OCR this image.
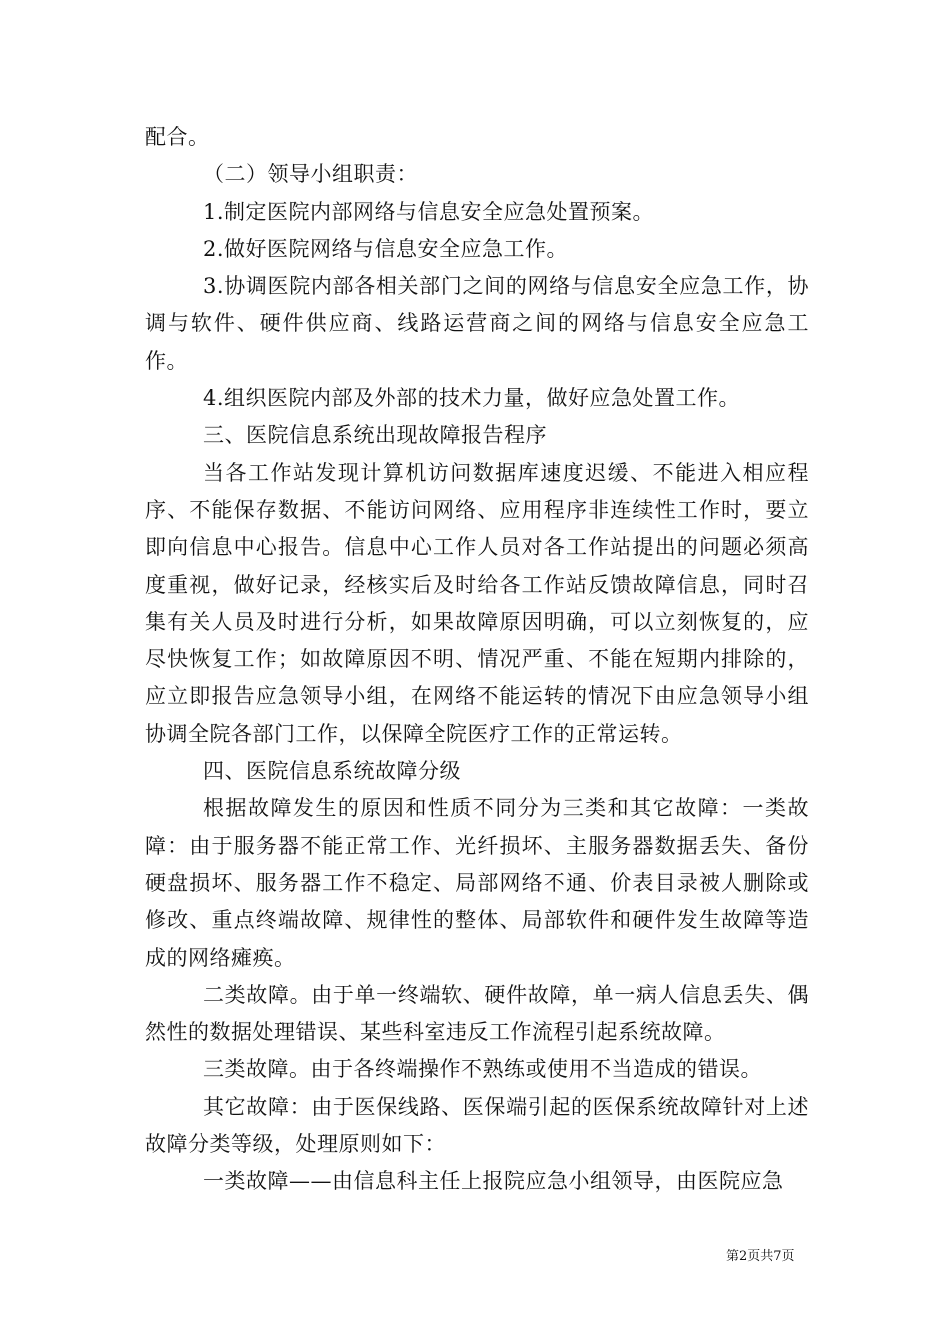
配合。

（二）领导小组职责：

1.制定医院内部网络与信息安全应急处置预案。

2.做好医院网络与信息安全应急工作。

3.协调医院内部各相关部门之间的网络与信息安全应急工作，协调与软件、硬件供应商、线路运营商之间的网络与信息安全应急工作。

4.组织医院内部及外部的技术力量，做好应急处置工作。

三、医院信息系统出现故障报告程序

当各工作站发现计算机访问数据库速度迟缓、不能进入相应程序、不能保存数据、不能访问网络、应用程序非连续性工作时，要立即向信息中心报告。信息中心工作人员对各工作站提出的问题必须高度重视，做好记录，经核实后及时给各工作站反馈故障信息，同时召集有关人员及时进行分析，如果故障原因明确，可以立刻恢复的，应尽快恢复工作；如故障原因不明、情况严重、不能在短期内排除的，应立即报告应急领导小组，在网络不能运转的情况下由应急领导小组协调全院各部门工作，以保障全院医疗工作的正常运转。

四、医院信息系统故障分级

根据故障发生的原因和性质不同分为三类和其它故障：一类故障：由于服务器不能正常工作、光纤损坏、主服务器数据丢失、备份硬盘损坏、服务器工作不稳定、局部网络不通、价表目录被人删除或修改、重点终端故障、规律性的整体、局部软件和硬件发生故障等造成的网络瘫痪。

二类故障。由于单一终端软、硬件故障，单一病人信息丢失、偶然性的数据处理错误、某些科室违反工作流程引起系统故障。

三类故障。由于各终端操作不熟练或使用不当造成的错误。

其它故障：由于医保线路、医保端引起的医保系统故障针对上述故障分类等级，处理原则如下：

一类故障——由信息科主任上报院应急小组领导，由医院应急

第2页共7页
